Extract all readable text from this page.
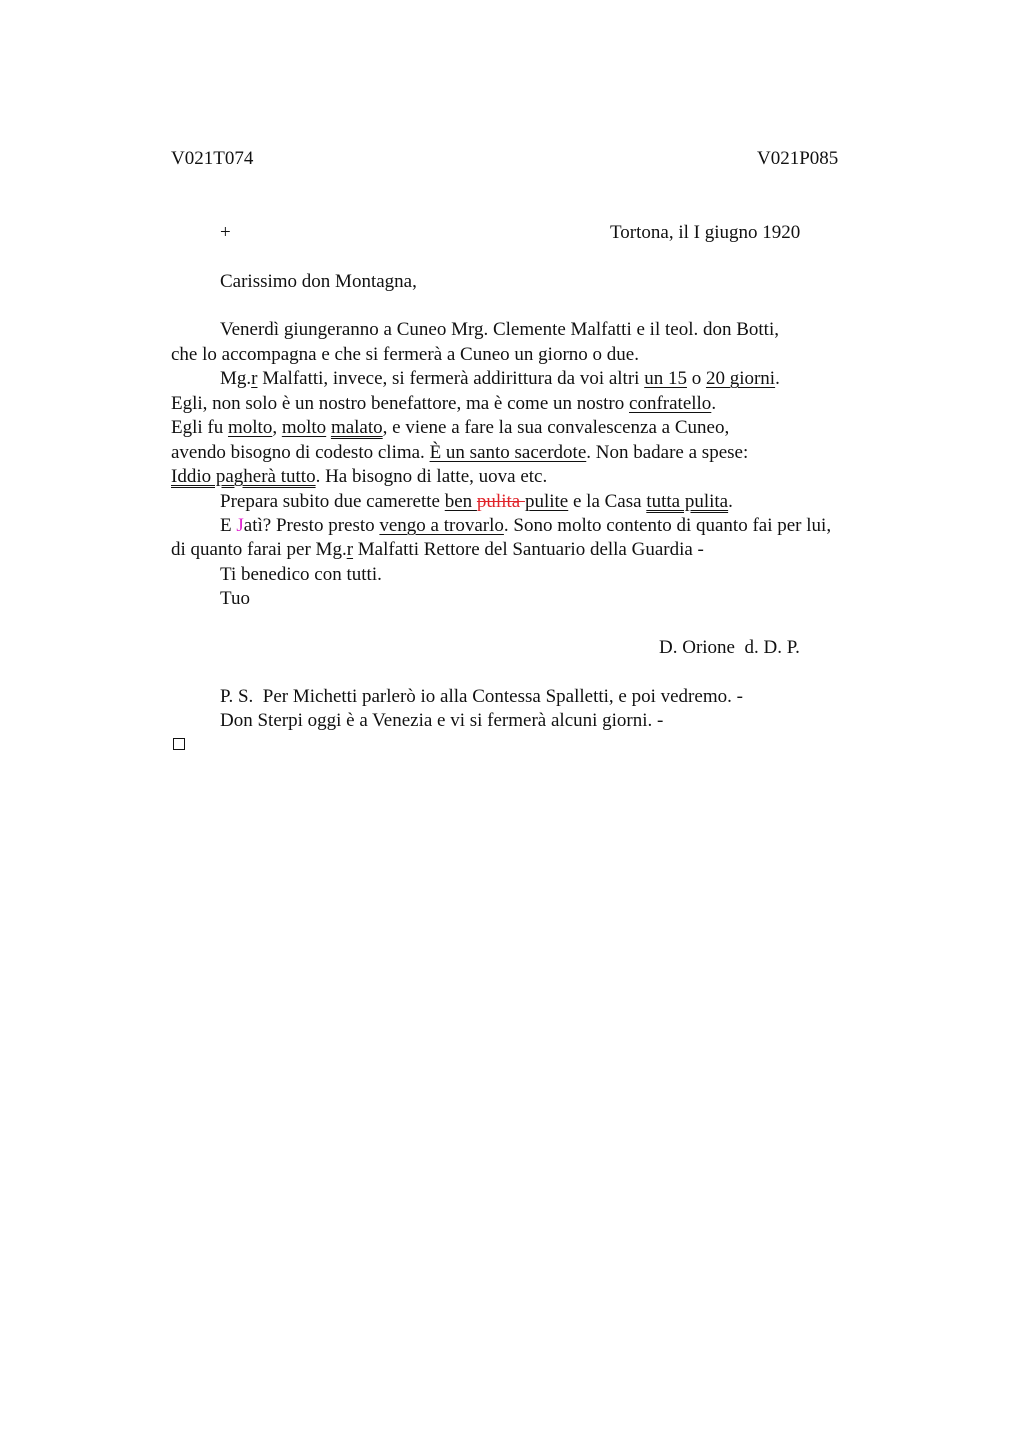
V021T074	V021P085
+	Tortona, il I giugno 1920
Carissimo don Montagna,
Venerdì giungeranno a Cuneo Mrg. Clemente Malfatti e il teol. don Botti,
che lo accompagna e che si fermerà a Cuneo un giorno o due.
Mg.r Malfatti, invece, si fermerà addirittura da voi altri un 15 o 20 giorni.
Egli, non solo è un nostro benefattore, ma è come un nostro confratello.
Egli fu molto, molto malato, e viene a fare la sua convalescenza a Cuneo,
avendo bisogno di codesto clima. È un santo sacerdote. Non badare a spese:
Iddio pagherà tutto. Ha bisogno di latte, uova etc.
Prepara subito due camerette ben pulita pulite e la Casa tutta pulita.
E Jatì? Presto presto vengo a trovarlo. Sono molto contento di quanto fai per lui,
di quanto farai per Mg.r Malfatti Rettore del Santuario della Guardia -
Ti benedico con tutti.
Tuo
D. Orione  d. D. P.
P. S.  Per Michetti parlerò io alla Contessa Spalletti, e poi vedremo. -
Don Sterpi oggi è a Venezia e vi si fermerà alcuni giorni. -
